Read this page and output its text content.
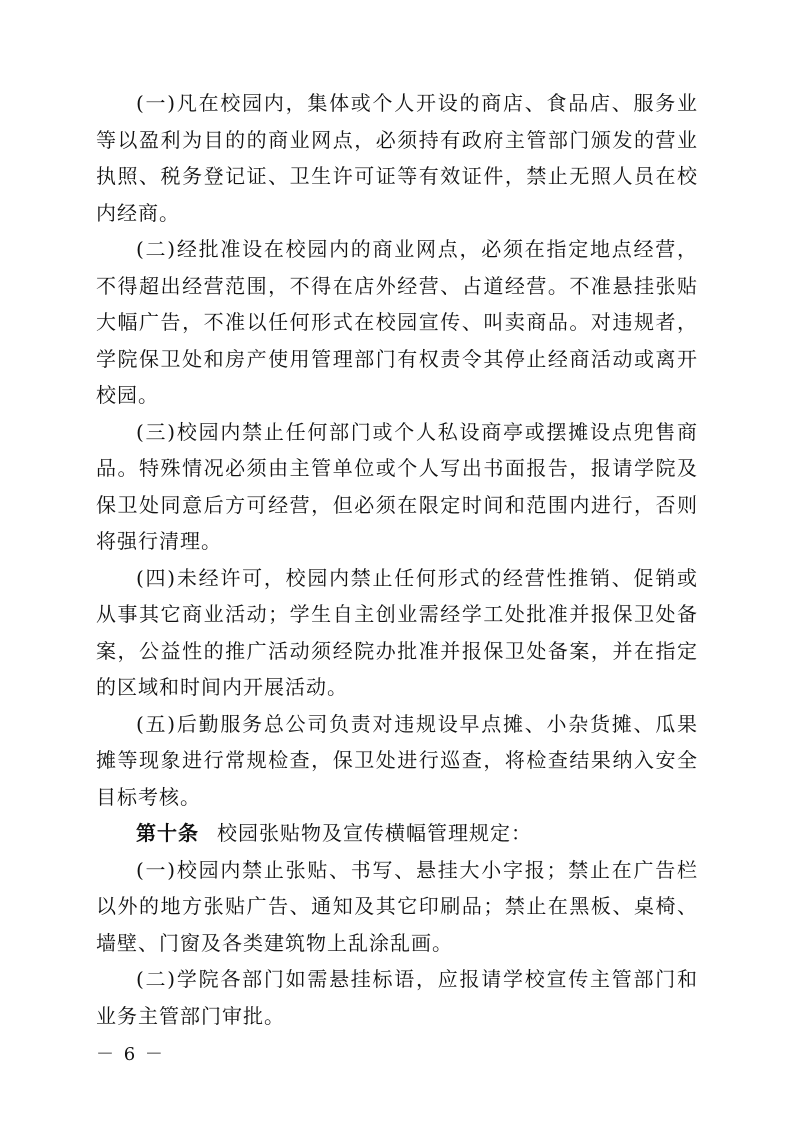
(一)凡在校园内，集体或个人开设的商店、食品店、服务业等以盈利为目的的商业网点，必须持有政府主管部门颁发的营业执照、税务登记证、卫生许可证等有效证件，禁止无照人员在校内经商。

(二)经批准设在校园内的商业网点，必须在指定地点经营，不得超出经营范围，不得在店外经营、占道经营。不准悬挂张贴大幅广告，不准以任何形式在校园宣传、叫卖商品。对违规者，学院保卫处和房产使用管理部门有权责令其停止经商活动或离开校园。

(三)校园内禁止任何部门或个人私设商亭或摆摊设点兜售商品。特殊情况必须由主管单位或个人写出书面报告，报请学院及保卫处同意后方可经营，但必须在限定时间和范围内进行，否则将强行清理。

(四)未经许可，校园内禁止任何形式的经营性推销、促销或从事其它商业活动；学生自主创业需经学工处批准并报保卫处备案，公益性的推广活动须经院办批准并报保卫处备案，并在指定的区域和时间内开展活动。

(五)后勤服务总公司负责对违规设早点摊、小杂货摊、瓜果摊等现象进行常规检查，保卫处进行巡查，将检查结果纳入安全目标考核。

第十条 校园张贴物及宣传横幅管理规定：

(一)校园内禁止张贴、书写、悬挂大小字报；禁止在广告栏以外的地方张贴广告、通知及其它印刷品；禁止在黑板、桌椅、墙壁、门窗及各类建筑物上乱涂乱画。

(二)学院各部门如需悬挂标语，应报请学校宣传主管部门和业务主管部门审批。

－ 6 －
